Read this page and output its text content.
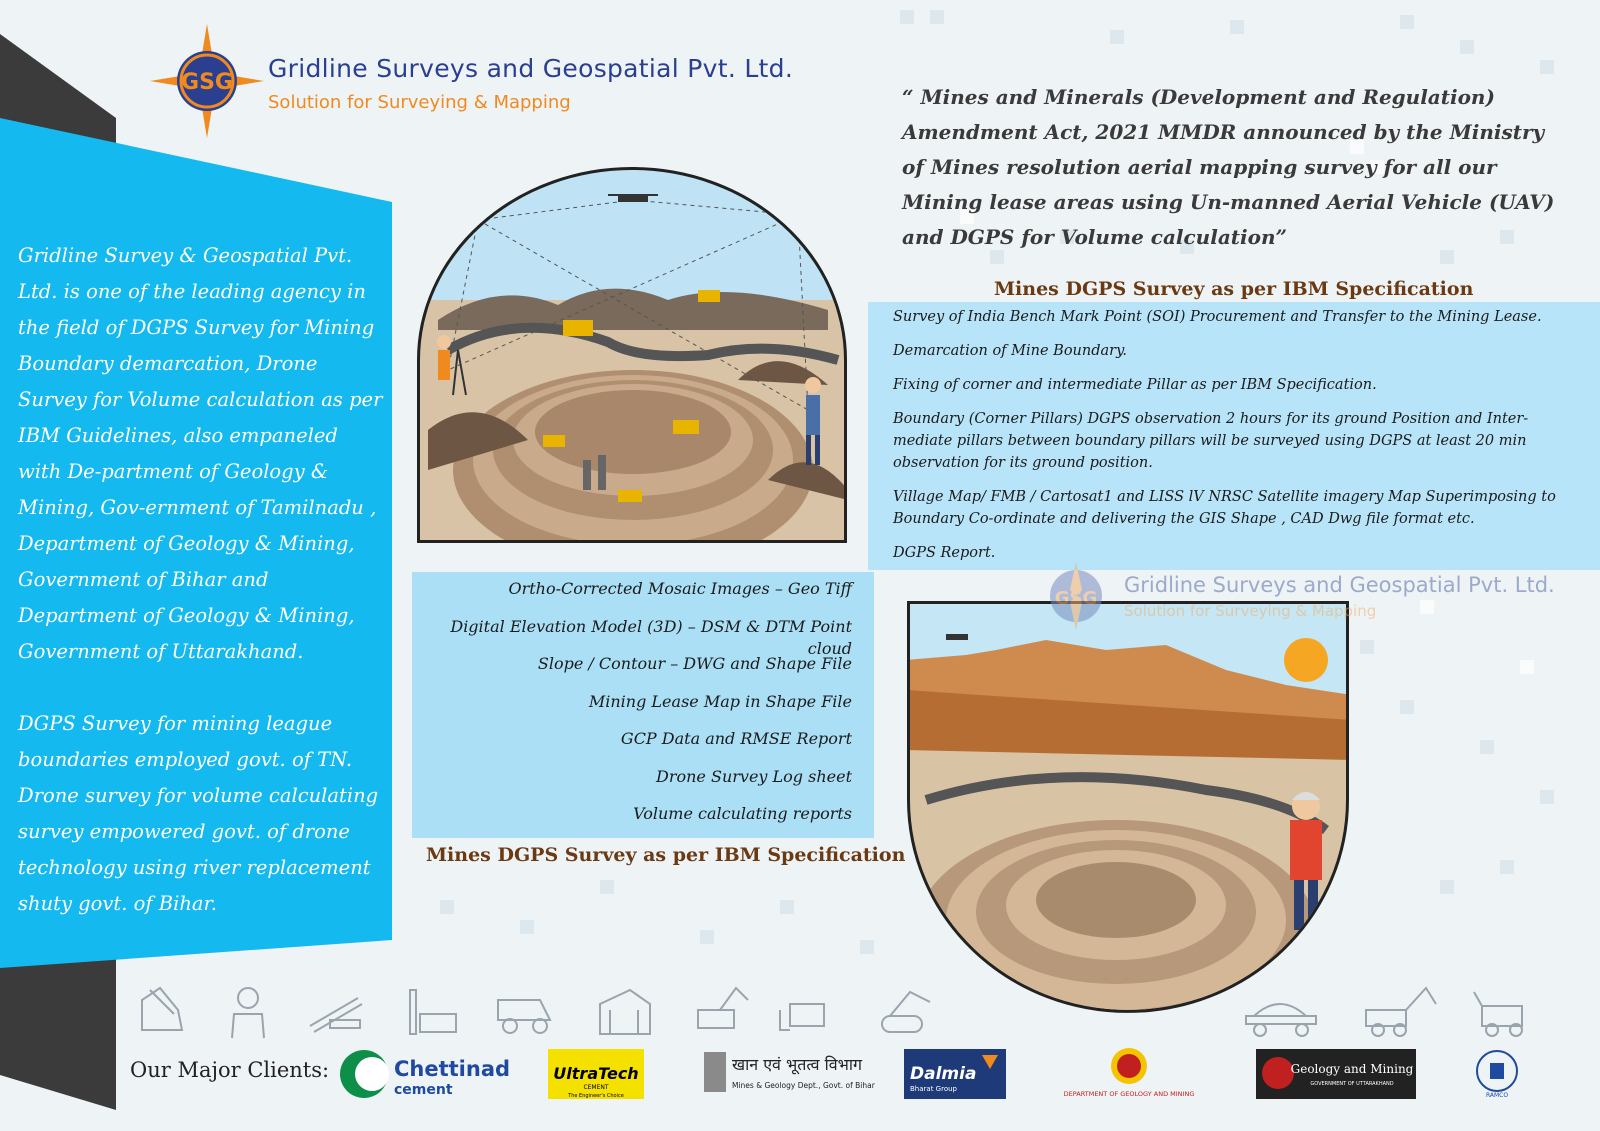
GSG Gridline Surveys and Geospatial Pvt. Ltd.
Solution for Surveying & Mapping

Gridline Survey & Geospatial Pvt. Ltd. is one of the leading agency in the field of DGPS Survey for Mining Boundary demarcation, Drone Survey for Volume calculation as per IBM Guidelines, also empaneled with De-partment of Geology & Mining, Gov-ernment of Tamilnadu , Department of Geology & Mining, Government of Bihar and Department of Geology & Mining, Government of Uttarakhand.

DGPS Survey for mining league boundaries employed govt. of TN. Drone survey for volume calculating survey empowered govt. of drone technology using river replacement shuty govt. of Bihar.

“ Mines and Minerals (Development and Regulation) Amendment Act, 2021 MMDR announced by the Ministry of Mines resolution aerial mapping survey for all our Mining lease areas using Un-manned Aerial Vehicle (UAV) and DGPS for Volume calculation”
Mines DGPS Survey as per IBM Specification
Survey of India Bench Mark Point (SOI) Procurement and Transfer to the Mining Lease.
Demarcation of Mine Boundary.
Fixing of corner and intermediate Pillar as per IBM Specification.
Boundary (Corner Pillars) DGPS observation 2 hours for its ground Position and Inter-mediate pillars between boundary pillars will be surveyed using DGPS at least 20 min observation for its ground position.
Village Map/ FMB / Cartosat1 and LISS lV NRSC Satellite imagery Map Superimposing to Boundary Co-ordinate and delivering the GIS Shape , CAD Dwg file format etc.
DGPS Report.
Ortho-Corrected Mosaic Images – Geo Tiff
Digital Elevation Model (3D) – DSM & DTM Point cloud
Slope / Contour – DWG and Shape File
Mining Lease Map in Shape File
GCP Data and RMSE Report
Drone Survey Log sheet
Volume calculating reports
Mines DGPS Survey as per IBM Specification
GSG
Gridline Surveys and Geospatial Pvt. Ltd.
Solution for Surveying & Mapping
Our Major Clients:	Chettinad
cement
UltraTech
CEMENT
The Engineer's Choice
खान एवं भूतत्व विभाग
Mines & Geology Dept., Govt. of Bihar
Dalmia
Bharat Group
DEPARTMENT OF GEOLOGY AND MINING
Geology and Mining
GOVERNMENT OF UTTARAKHAND
RAMCO
